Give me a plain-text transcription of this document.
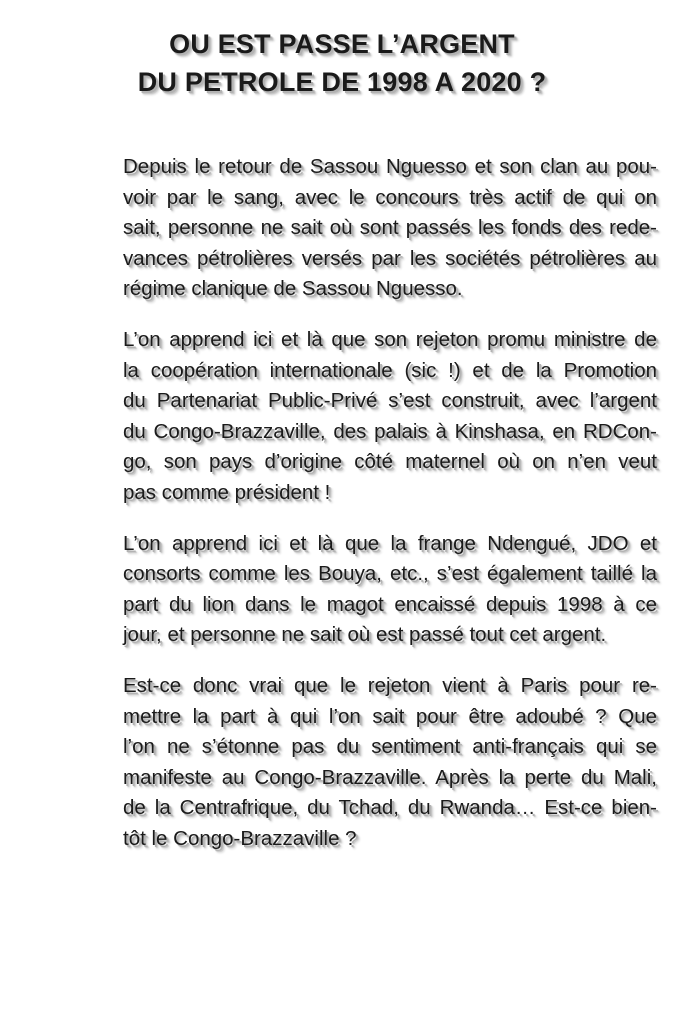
OU EST PASSE L’ARGENT
DU PETROLE DE 1998 A 2020 ?

Depuis le retour de Sassou Nguesso et son clan au pou-
voir par le sang, avec le concours très actif de qui on
sait, personne ne sait où sont passés les fonds des rede-
vances pétrolières versés par les sociétés pétrolières au
régime clanique de Sassou Nguesso.

L’on apprend ici et là que son rejeton promu ministre de
la coopération internationale (sic !) et de la Promotion
du Partenariat Public-Privé s’est construit, avec l’argent
du Congo-Brazzaville, des palais à Kinshasa, en RDCon-
go, son pays d’origine côté maternel où on n’en veut
pas comme président !

L’on apprend ici et là que la frange Ndengué, JDO et
consorts comme les Bouya, etc., s’est également taillé la
part du lion dans le magot encaissé depuis 1998 à ce
jour, et personne ne sait où est passé tout cet argent.

Est-ce donc vrai que le rejeton vient à Paris pour re-
mettre la part à qui l’on sait pour être adoubé ? Que
l’on ne s’étonne pas du sentiment anti-français qui se
manifeste au Congo-Brazzaville. Après la perte du Mali,
de la Centrafrique, du Tchad, du Rwanda… Est-ce bien-
tôt le Congo-Brazzaville ?
